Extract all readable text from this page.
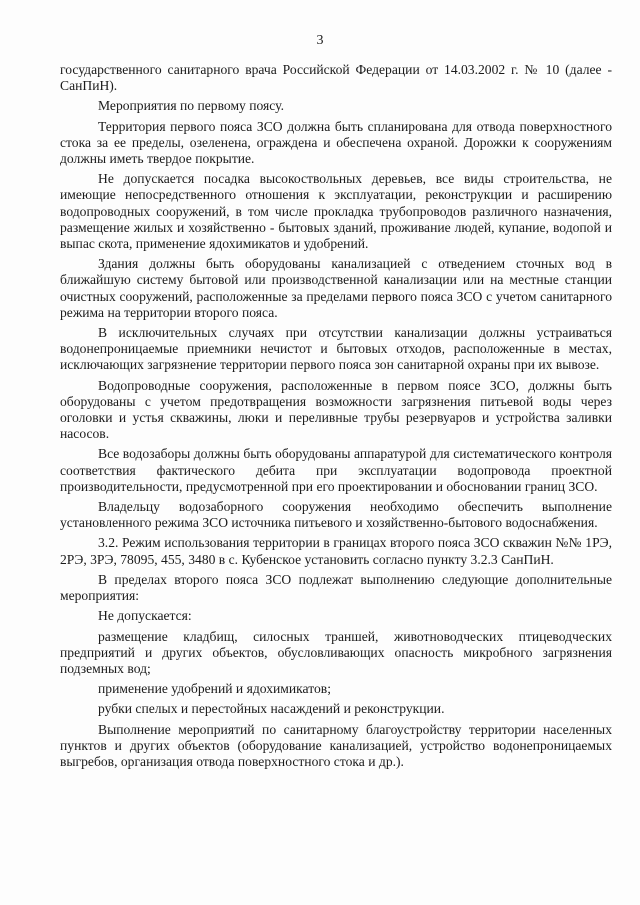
3

государственного санитарного врача Российской Федерации от 14.03.2002 г. № 10 (далее - СанПиН).

Мероприятия по первому поясу.

Территория первого пояса ЗСО должна быть спланирована для отвода поверхностного стока за ее пределы, озеленена, ограждена и обеспечена охраной. Дорожки к сооружениям должны иметь твердое покрытие.

Не допускается посадка высокоствольных деревьев, все виды строительства, не имеющие непосредственного отношения к эксплуатации, реконструкции и расширению водопроводных сооружений, в том числе прокладка трубопроводов различного назначения, размещение жилых и хозяйственно - бытовых зданий, проживание людей, купание, водопой и выпас скота, применение ядохимикатов и удобрений.

Здания должны быть оборудованы канализацией с отведением сточных вод в ближайшую систему бытовой или производственной канализации или на местные станции очистных сооружений, расположенные за пределами первого пояса ЗСО с учетом санитарного режима на территории второго пояса.

В исключительных случаях при отсутствии канализации должны устраиваться водонепроницаемые приемники нечистот и бытовых отходов, расположенные в местах, исключающих загрязнение территории первого пояса зон санитарной охраны при их вывозе.

Водопроводные сооружения, расположенные в первом поясе ЗСО, должны быть оборудованы с учетом предотвращения возможности загрязнения питьевой воды через оголовки и устья скважины, люки и переливные трубы резервуаров и устройства заливки насосов.

Все водозаборы должны быть оборудованы аппаратурой для систематического контроля соответствия фактического дебита при эксплуатации водопровода проектной производительности, предусмотренной при его проектировании и обосновании границ ЗСО.

Владельцу водозаборного сооружения необходимо обеспечить выполнение установленного режима ЗСО источника питьевого и хозяйственно-бытового водоснабжения.

3.2. Режим использования территории в границах второго пояса ЗСО скважин №№ 1РЭ, 2РЭ, 3РЭ, 78095, 455, 3480 в с. Кубенское установить согласно пункту 3.2.3 СанПиН.

В пределах второго пояса ЗСО подлежат выполнению следующие дополнительные мероприятия:

Не допускается:

размещение кладбищ, силосных траншей, животноводческих птицеводческих предприятий и других объектов, обусловливающих опасность микробного загрязнения подземных вод;

применение удобрений и ядохимикатов;

рубки спелых и перестойных насаждений и реконструкции.

Выполнение мероприятий по санитарному благоустройству территории населенных пунктов и других объектов (оборудование канализацией, устройство водонепроницаемых выгребов, организация отвода поверхностного стока и др.).
